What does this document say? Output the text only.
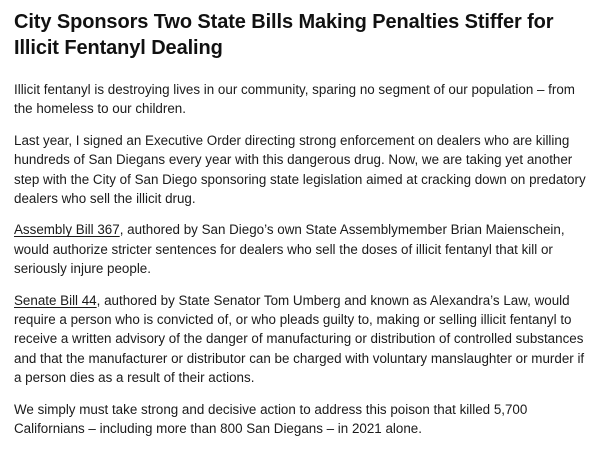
City Sponsors Two State Bills Making Penalties Stiffer for Illicit Fentanyl Dealing

Illicit fentanyl is destroying lives in our community, sparing no segment of our population – from the homeless to our children.

Last year, I signed an Executive Order directing strong enforcement on dealers who are killing hundreds of San Diegans every year with this dangerous drug. Now, we are taking yet another step with the City of San Diego sponsoring state legislation aimed at cracking down on predatory dealers who sell the illicit drug.

Assembly Bill 367, authored by San Diego’s own State Assemblymember Brian Maienschein, would authorize stricter sentences for dealers who sell the doses of illicit fentanyl that kill or seriously injure people.

Senate Bill 44, authored by State Senator Tom Umberg and known as Alexandra’s Law, would require a person who is convicted of, or who pleads guilty to, making or selling illicit fentanyl to receive a written advisory of the danger of manufacturing or distribution of controlled substances and that the manufacturer or distributor can be charged with voluntary manslaughter or murder if a person dies as a result of their actions.

We simply must take strong and decisive action to address this poison that killed 5,700 Californians – including more than 800 San Diegans – in 2021 alone.
